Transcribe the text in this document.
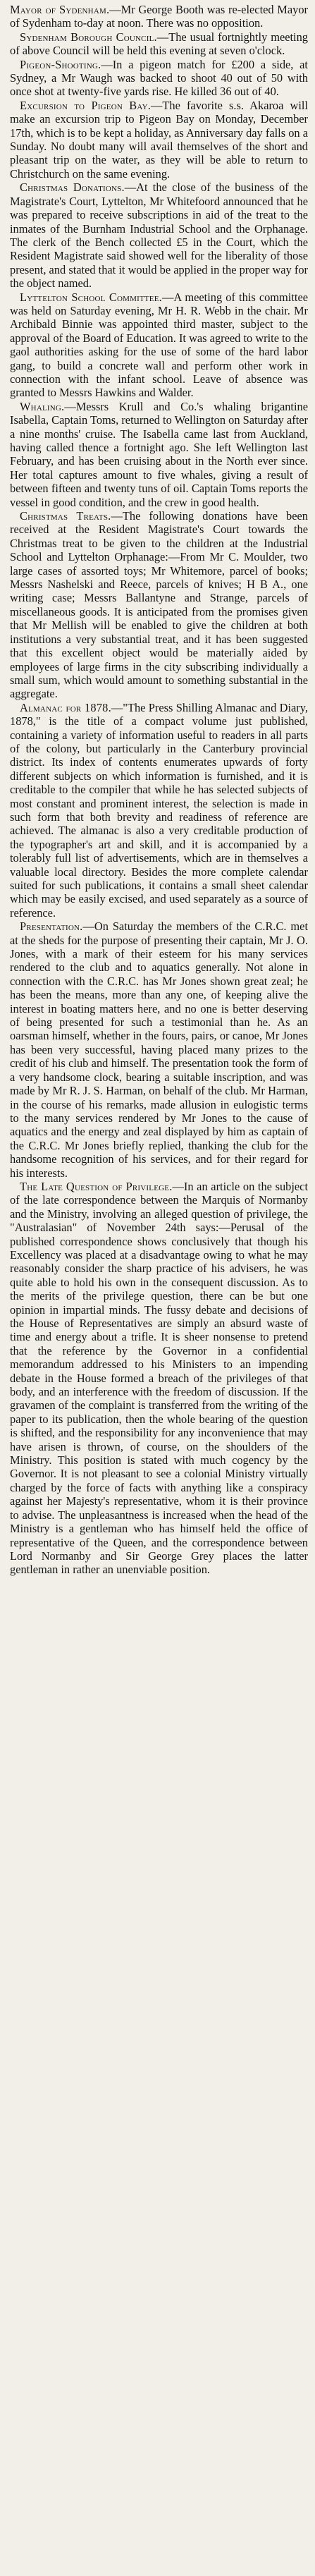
Mayor of Sydenham.—Mr George Booth was re-elected Mayor of Sydenham to-day at noon. There was no opposition.

Sydenham Borough Council.—The usual fortnightly meeting of above Council will be held this evening at seven o'clock.

Pigeon-Shooting.—In a pigeon match for £200 a side, at Sydney, a Mr Waugh was backed to shoot 40 out of 50 with once shot at twenty-five yards rise. He killed 36 out of 40.

Excursion to Pigeon Bay.—The favorite s.s. Akaroa will make an excursion trip to Pigeon Bay on Monday, December 17th, which is to be kept a holiday, as Anniversary day falls on a Sunday. No doubt many will avail themselves of the short and pleasant trip on the water, as they will be able to return to Christchurch on the same evening.

Christmas Donations.—At the close of the business of the Magistrate's Court, Lyttelton, Mr Whitefoord announced that he was prepared to receive subscriptions in aid of the treat to the inmates of the Burnham Industrial School and the Orphanage. The clerk of the Bench collected £5 in the Court, which the Resident Magistrate said showed well for the liberality of those present, and stated that it would be applied in the proper way for the object named.

Lyttelton School Committee.—A meeting of this committee was held on Saturday evening, Mr H. R. Webb in the chair. Mr Archibald Binnie was appointed third master, subject to the approval of the Board of Education. It was agreed to write to the gaol authorities asking for the use of some of the hard labor gang, to build a concrete wall and perform other work in connection with the infant school. Leave of absence was granted to Messrs Hawkins and Walder.

Whaling.—Messrs Krull and Co.'s whaling brigantine Isabella, Captain Toms, returned to Wellington on Saturday after a nine months' cruise. The Isabella came last from Auckland, having called thence a fortnight ago. She left Wellington last February, and has been cruising about in the North ever since. Her total captures amount to five whales, giving a result of between fifteen and twenty tuns of oil. Captain Toms reports the vessel in good condition, and the crew in good health.

Christmas Treats.—The following donations have been received at the Resident Magistrate's Court towards the Christmas treat to be given to the children at the Industrial School and Lyttelton Orphanage:—From Mr C. Moulder, two large cases of assorted toys; Mr Whitemore, parcel of books; Messrs Nashelski and Reece, parcels of knives; H B A., one writing case; Messrs Ballantyne and Strange, parcels of miscellaneous goods. It is anticipated from the promises given that Mr Mellish will be enabled to give the children at both institutions a very substantial treat, and it has been suggested that this excellent object would be materially aided by employees of large firms in the city subscribing individually a small sum, which would amount to something substantial in the aggregate.

Almanac for 1878.—"The Press Shilling Almanac and Diary, 1878," is the title of a compact volume just published, containing a variety of information useful to readers in all parts of the colony, but particularly in the Canterbury provincial district. Its index of contents enumerates upwards of forty different subjects on which information is furnished, and it is creditable to the compiler that while he has selected subjects of most constant and prominent interest, the selection is made in such form that both brevity and readiness of reference are achieved. The almanac is also a very creditable production of the typographer's art and skill, and it is accompanied by a tolerably full list of advertisements, which are in themselves a valuable local directory. Besides the more complete calendar suited for such publications, it contains a small sheet calendar which may be easily excised, and used separately as a source of reference.

Presentation.—On Saturday the members of the C.R.C. met at the sheds for the purpose of presenting their captain, Mr J. O. Jones, with a mark of their esteem for his many services rendered to the club and to aquatics generally. Not alone in connection with the C.R.C. has Mr Jones shown great zeal; he has been the means, more than any one, of keeping alive the interest in boating matters here, and no one is better deserving of being presented for such a testimonial than he. As an oarsman himself, whether in the fours, pairs, or canoe, Mr Jones has been very successful, having placed many prizes to the credit of his club and himself. The presentation took the form of a very handsome clock, bearing a suitable inscription, and was made by Mr R. J. S. Harman, on behalf of the club. Mr Harman, in the course of his remarks, made allusion in eulogistic terms to the many services rendered by Mr Jones to the cause of aquatics and the energy and zeal displayed by him as captain of the C.R.C. Mr Jones briefly replied, thanking the club for the handsome recognition of his services, and for their regard for his interests.

The Late Question of Privilege.—In an article on the subject of the late correspondence between the Marquis of Normanby and the Ministry, involving an alleged question of privilege, the "Australasian" of November 24th says:—Perusal of the published correspondence shows conclusively that though his Excellency was placed at a disadvantage owing to what he may reasonably consider the sharp practice of his advisers, he was quite able to hold his own in the consequent discussion. As to the merits of the privilege question, there can be but one opinion in impartial minds. The fussy debate and decisions of the House of Representatives are simply an absurd waste of time and energy about a trifle. It is sheer nonsense to pretend that the reference by the Governor in a confidential memorandum addressed to his Ministers to an impending debate in the House formed a breach of the privileges of that body, and an interference with the freedom of discussion. If the gravamen of the complaint is transferred from the writing of the paper to its publication, then the whole bearing of the question is shifted, and the responsibility for any inconvenience that may have arisen is thrown, of course, on the shoulders of the Ministry. This position is stated with much cogency by the Governor. It is not pleasant to see a colonial Ministry virtually charged by the force of facts with anything like a conspiracy against her Majesty's representative, whom it is their province to advise. The unpleasantness is increased when the head of the Ministry is a gentleman who has himself held the office of representative of the Queen, and the correspondence between Lord Normanby and Sir George Grey places the latter gentleman in rather an unenviable position.
